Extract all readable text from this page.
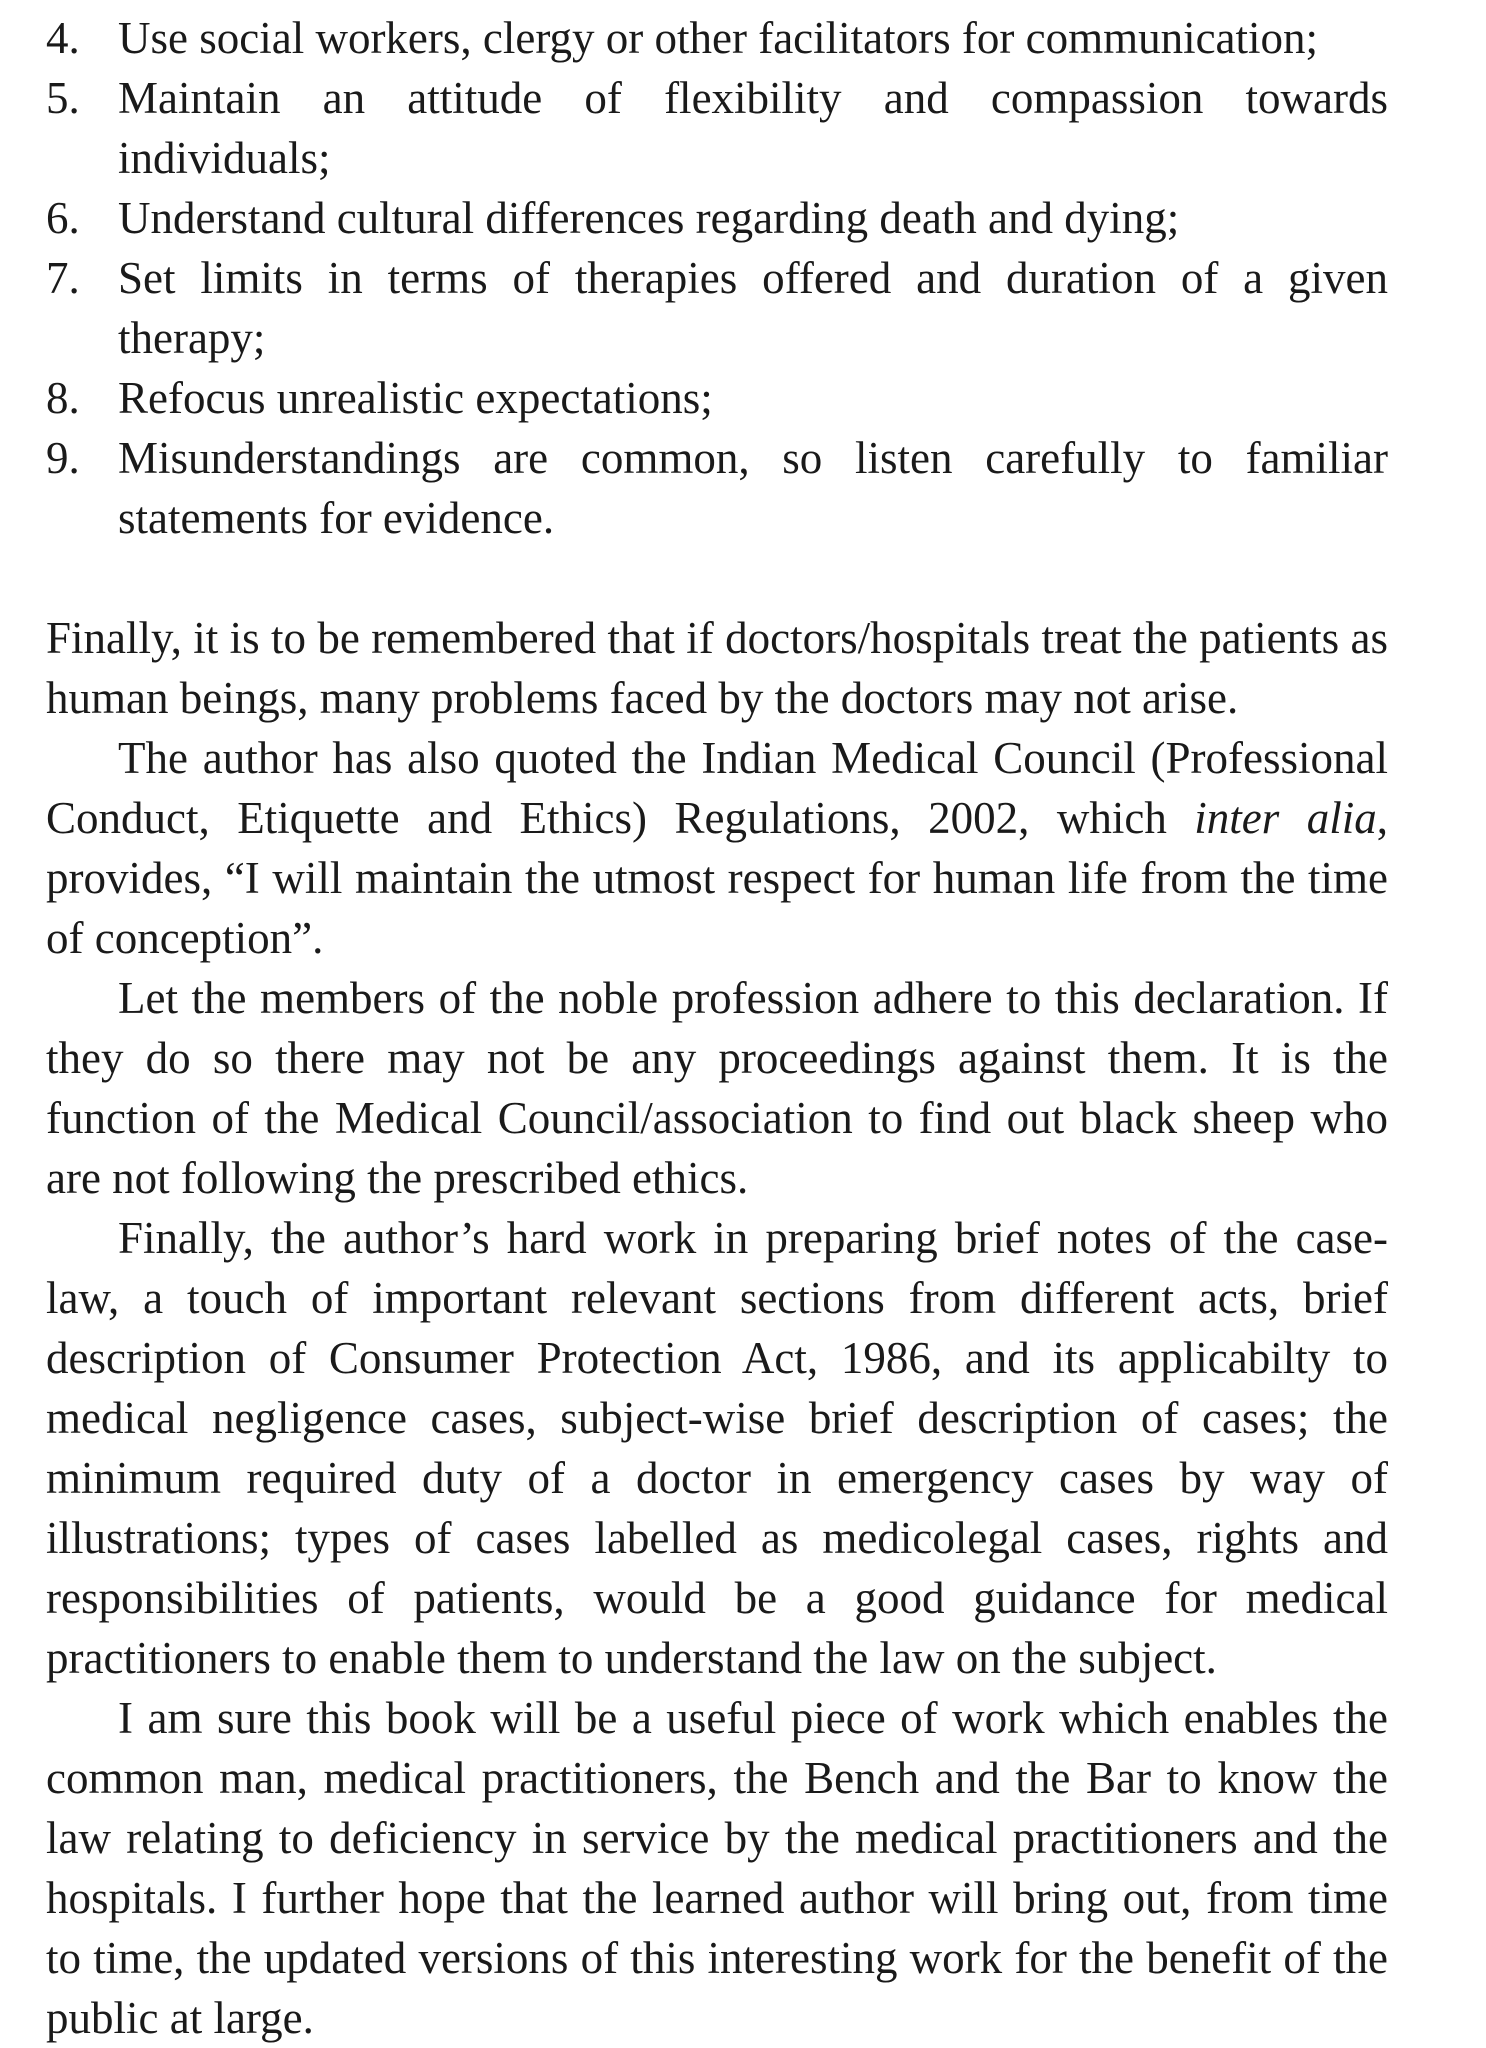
4. Use social workers, clergy or other facilitators for communication;
5. Maintain an attitude of flexibility and compassion towards individuals;
6. Understand cultural differences regarding death and dying;
7. Set limits in terms of therapies offered and duration of a given therapy;
8. Refocus unrealistic expectations;
9. Misunderstandings are common, so listen carefully to familiar statements for evidence.

Finally, it is to be remembered that if doctors/hospitals treat the patients as human beings, many problems faced by the doctors may not arise.

The author has also quoted the Indian Medical Council (Professional Conduct, Etiquette and Ethics) Regulations, 2002, which inter alia, provides, “I will maintain the utmost respect for human life from the time of conception”.

Let the members of the noble profession adhere to this declaration. If they do so there may not be any proceedings against them. It is the function of the Medical Council/association to find out black sheep who are not following the prescribed ethics.

Finally, the author’s hard work in preparing brief notes of the case-law, a touch of important relevant sections from different acts, brief description of Consumer Protection Act, 1986, and its applicabilty to medical negligence cases, subject-wise brief description of cases; the minimum required duty of a doctor in emergency cases by way of illustrations; types of cases labelled as medicolegal cases, rights and responsibilities of patients, would be a good guidance for medical practitioners to enable them to understand the law on the subject.

I am sure this book will be a useful piece of work which enables the common man, medical practitioners, the Bench and the Bar to know the law relating to deficiency in service by the medical practitioners and the hospitals. I further hope that the learned author will bring out, from time to time, the updated versions of this interesting work for the benefit of the public at large.
